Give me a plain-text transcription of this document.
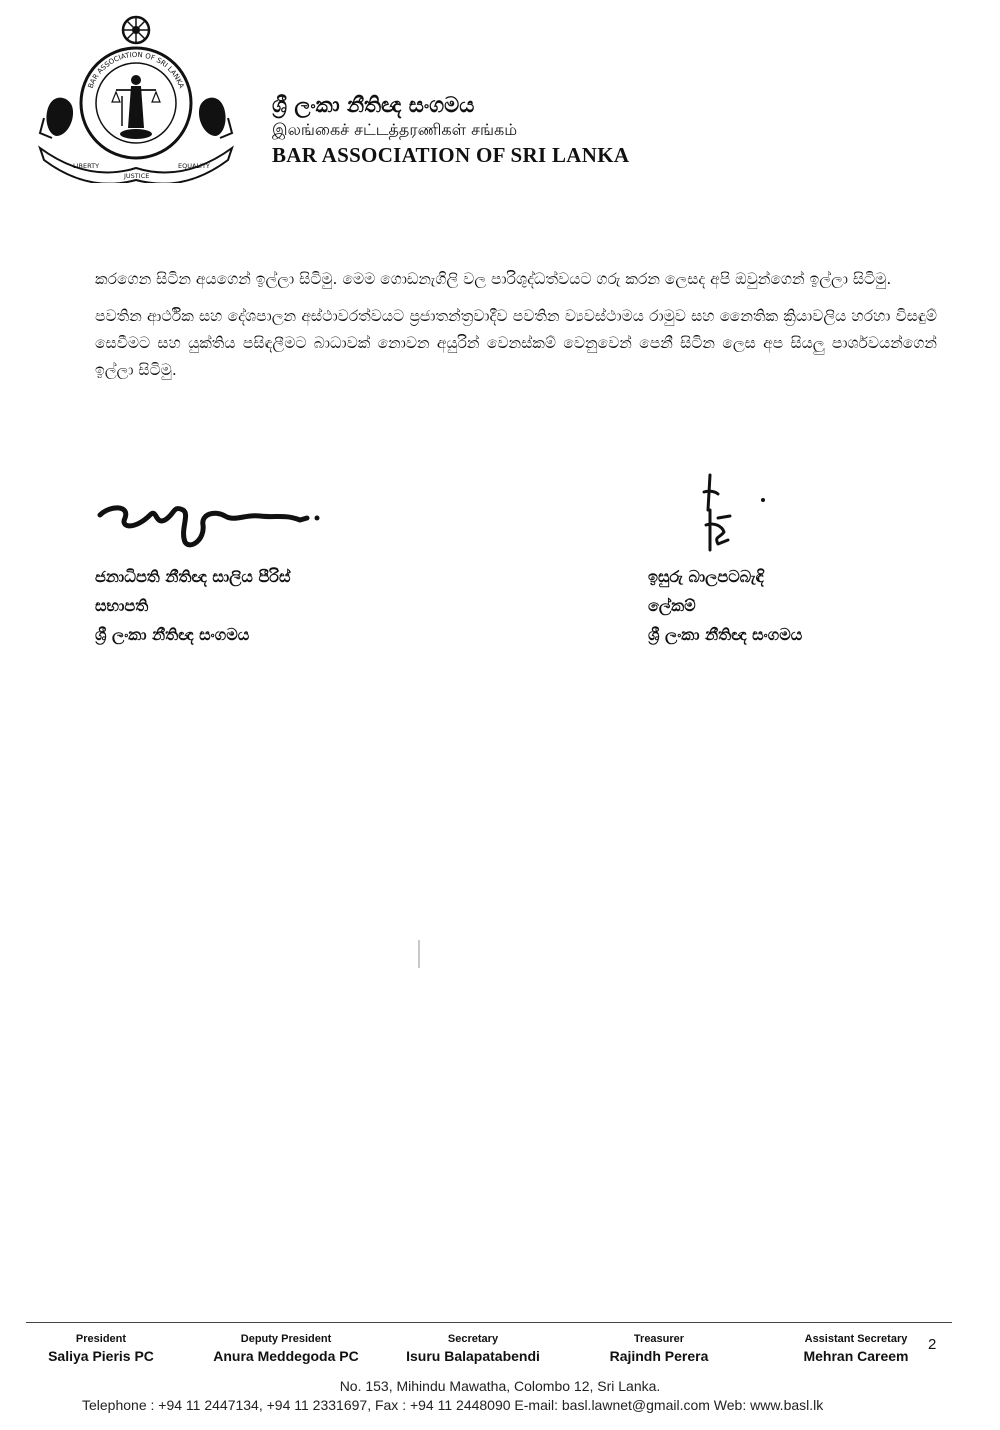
BAR ASSOCIATION OF SRI LANKA
LIBERTY
JUSTICE
EQUALITY
ශ්‍රී ලංකා නීතිඥ සංගමය
இலங்கைச் சட்டத்தரணிகள் சங்கம்
BAR ASSOCIATION OF SRI LANKA

කරගෙන සිටින අයගෙන් ඉල්ලා සිටිමු. මෙම ගොඩනැගිලි වල පාරිශුද්ධත්වයට ගරු කරන ලෙසද අපි ඔවුන්ගෙන් ඉල්ලා සිටිමු.

පවතින ආර්ථික සහ දේශපාලන අස්ථාවරත්වයට ප්‍රජාතන්ත්‍රවාදීව පවතින ව්‍යවස්ථාමය රාමුව සහ නෛතික ක්‍රියාවලිය හරහා විසඳුම් සෙවීමට සහ යුක්තිය පසිඳලීමට බාධාවක් නොවන අයුරින් වෙනස්කම් වෙනුවෙන් පෙනී සිටින ලෙස අප සියලු පාර්ශවයන්ගෙන් ඉල්ලා සිටිමු.

ජනාධිපති නීතිඥ සාලිය පීරිස්
සභාපති
ශ්‍රී ලංකා නීතිඥ සංගමය
ඉසුරු බාලපටබැඳි
ලේකම්
ශ්‍රී ලංකා නීතිඥ සංගමය
President
Saliya Pieris PC
Deputy President
Anura Meddegoda PC
Secretary
Isuru Balapatabendi
Treasurer
Rajindh Perera
Assistant Secretary
Mehran Careem
2
No. 153, Mihindu Mawatha, Colombo 12, Sri Lanka.
Telephone : +94 11 2447134, +94 11 2331697, Fax : +94 11 2448090 E-mail: basl.lawnet@gmail.com Web: www.basl.lk
